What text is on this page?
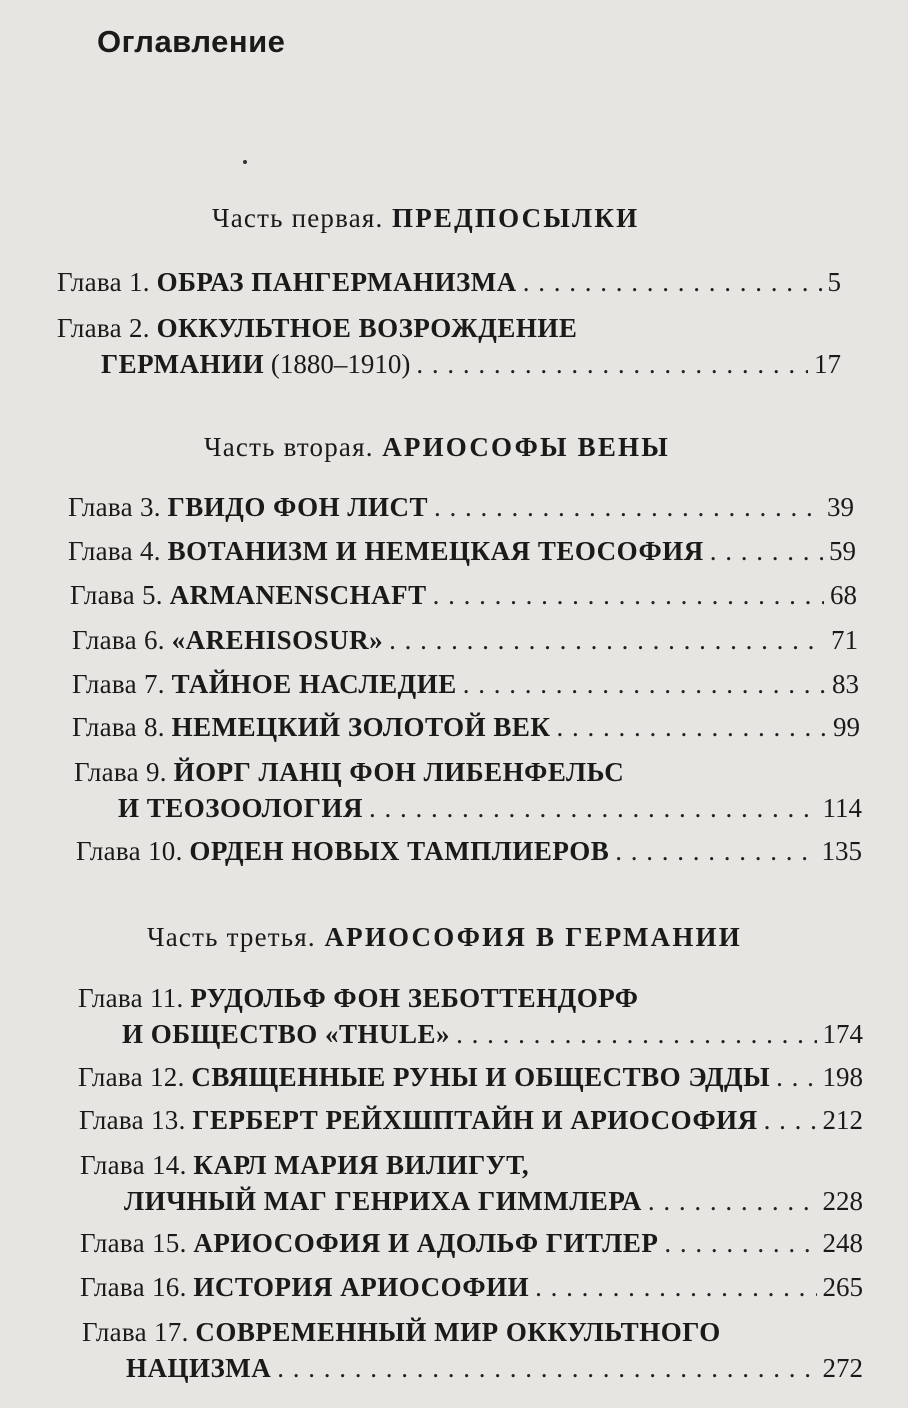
Оглавление
Часть первая. ПРЕДПОСЫЛКИ
Глава 1.
ОБРАЗ ПАНГЕРМАНИЗМА . . .	5
Глава 2.
ОККУЛЬТНОЕ ВОЗРОЖДЕНИЕ
ГЕРМАНИИ
(1880–1910) . . .	17
Часть вторая. АРИОСОФЫ ВЕНЫ
Глава 3.
ГВИДО ФОН ЛИСТ . . .	39
Глава 4.
ВОТАНИЗМ И НЕМЕЦКАЯ ТЕОСОФИЯ . . .	59
Глава 5.
ARMANENSCHAFT . . .	68
Глава 6.
«ARЕHISOSUR» . . .	71
Глава 7.
ТАЙНОЕ НАСЛЕДИЕ . . .	83
Глава 8.
НЕМЕЦКИЙ ЗОЛОТОЙ ВЕК . . .	99
Глава 9.
ЙОРГ ЛАНЦ ФОН ЛИБЕНФЕЛЬС
И ТЕОЗООЛОГИЯ . . .	114
Глава 10.
ОРДЕН НОВЫХ ТАМПЛИЕРОВ . . .	135
Часть третья. АРИОСОФИЯ В ГЕРМАНИИ
Глава 11.
РУДОЛЬФ ФОН ЗЕБОТТЕНДОРФ
И ОБЩЕСТВО «THULE» . . .	174
Глава 12.
СВЯЩЕННЫЕ РУНЫ И ОБЩЕСТВО ЭДДЫ . . . 198
Глава 13.
ГЕРБЕРТ РЕЙХШПТАЙН И АРИОСОФИЯ . . . 212
Глава 14.
КАРЛ МАРИЯ ВИЛИГУТ,
ЛИЧНЫЙ МАГ ГЕНРИХА ГИММЛЕРА . . .	228
Глава 15.
АРИОСОФИЯ И АДОЛЬФ ГИТЛЕР . . .	248
Глава 16.
ИСТОРИЯ АРИОСОФИИ . . .	265
Глава 17.
СОВРЕМЕННЫЙ МИР ОККУЛЬТНОГО
НАЦИЗМА . . .	272
